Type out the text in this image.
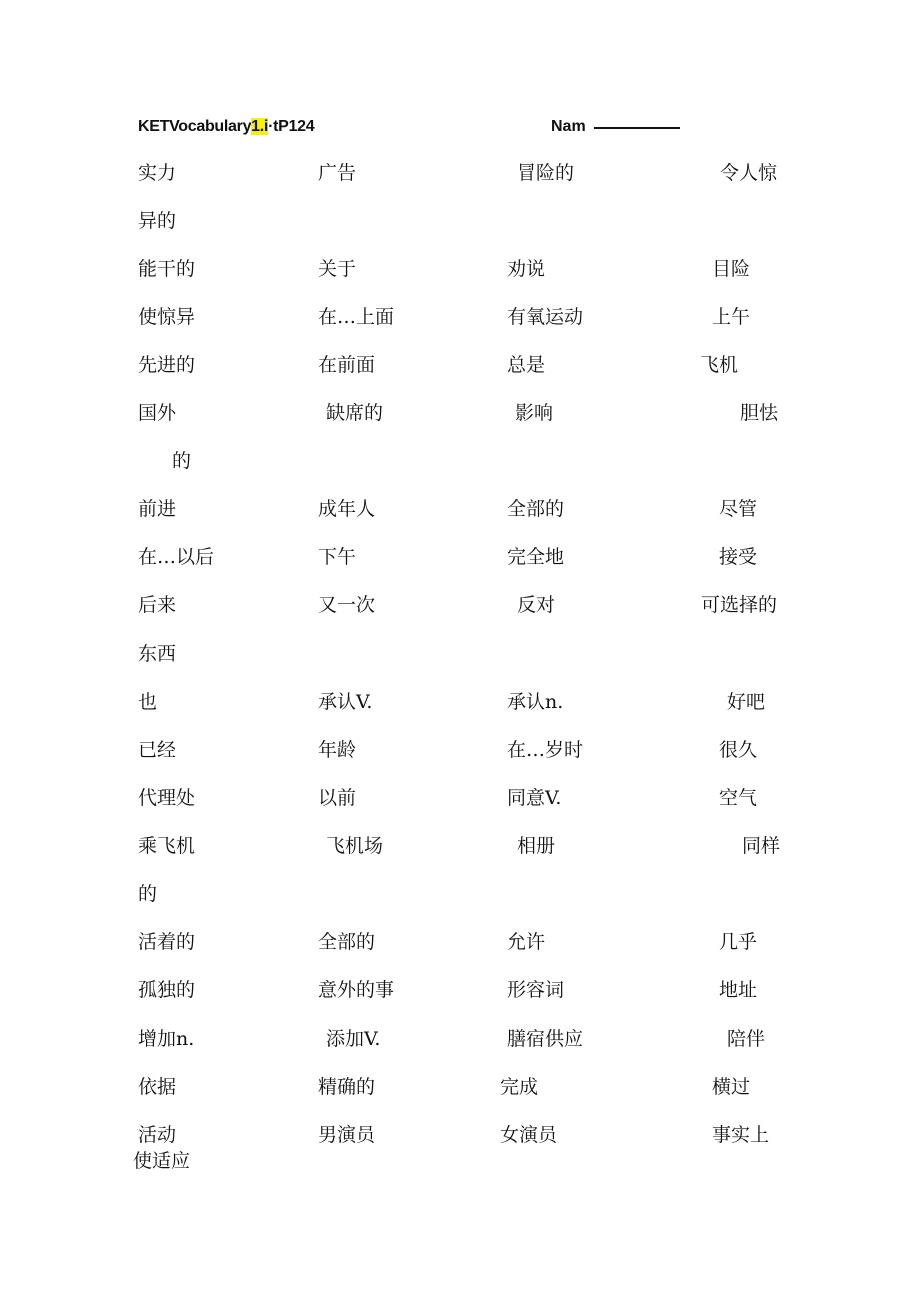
KETVocabulary1.i·tP124	Nam
实力	广告	冒险的	令人惊
异的
能干的	关于	劝说	目险
使惊异	在…上面	有氧运动	上午
先进的	在前面	总是	飞机
国外	缺席的	影响	胆怯
的
前进	成年人	全部的	尽管
在…以后	下午	完全地	接受
后来	又一次	反对	可选择的
东西
也	承认V.	承认n.	好吧
已经	年龄	在…岁时	很久
代理处	以前	同意V.	空气
乘飞机	飞机场	相册	同样
的
活着的	全部的	允许	几乎
孤独的	意外的事	形容词	地址
增加n.	添加V.	膳宿供应	陪伴
依据	精确的	完成	横过
活动	男演员	女演员	事实上
使适应
